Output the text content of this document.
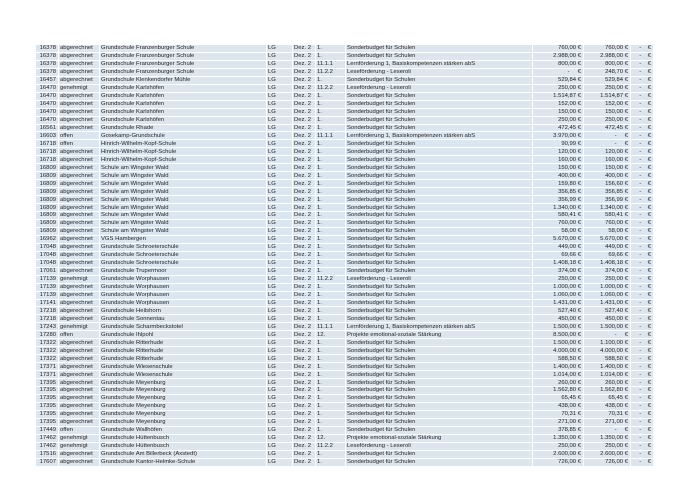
16378 abgerechnet	Grundschule Franzenburger Schule	LG	Dez. 2	1.	Sonderbudget für Schulen	760,00 €	760,00 €	-    €
16378 abgerechnet	Grundschule Franzenburger Schule	LG	Dez. 2	1.	Sonderbudget für Schulen	2.988,00 €	2.988,00 €	-    €
16378 abgerechnet	Grundschule Franzenburger Schule	LG	Dez. 2	11.1.1	Lernförderung 1, Basiskompetenzen stärken abS	800,00 €	800,00 €	-    €
16378 abgerechnet	Grundschule Franzenburger Schule	LG	Dez. 2	11.2.2	Leseförderung - Leseroli	-     €	248,70 €	-    €
16457 abgerechnet	Grundschule Klenkendorfer Mühle	LG	Dez. 2	1.	Sonderbudget für Schulen	529,84 €	529,84 €	-    €
16470 genehmigt	Grundschule Karlshöfen	LG	Dez. 2	11.2.2	Leseförderung - Leseroli	250,00 €	250,00 €	-    €
16470 abgerechnet	Grundschule Karlshöfen	LG	Dez. 2	1.	Sonderbudget für Schulen	1.514,87 €	1.514,87 €	-    €
16470 abgerechnet	Grundschule Karlshöfen	LG	Dez. 2	1.	Sonderbudget für Schulen	152,00 €	152,00 €	-    €
16470 abgerechnet	Grundschule Karlshöfen	LG	Dez. 2	1.	Sonderbudget für Schulen	150,00 €	150,00 €	-    €
16470 abgerechnet	Grundschule Karlshöfen	LG	Dez. 2	1.	Sonderbudget für Schulen	250,00 €	250,00 €	-    €
16561 abgerechnet	Grundschule Rhade	LG	Dez. 2	1.	Sonderbudget für Schulen	472,45 €	472,45 €	-    €
16603 offen	Gosekamp-Grundschule	LG	Dez. 2	11.1.1	Lernförderung 1, Basiskompetenzen stärken abS	3.970,00 €	-     €	-    €
16718 offen	Hinrich-Wilhelm-Kopf-Schule	LG	Dez. 2	1.	Sonderbudget für Schulen	90,99 €	-     €	-    €
16718 abgerechnet	Hinrich-Wilhelm-Kopf-Schule	LG	Dez. 2	1.	Sonderbudget für Schulen	120,00 €	120,00 €	-    €
16718 abgerechnet	Hinrich-Wilhelm-Kopf-Schule	LG	Dez. 2	1.	Sonderbudget für Schulen	160,00 €	160,00 €	-    €
16809 abgerechnet	Schule am Wingster Wald	LG	Dez. 2	1.	Sonderbudget für Schulen	150,00 €	150,00 €	-    €
16809 abgerechnet	Schule am Wingster Wald	LG	Dez. 2	1.	Sonderbudget für Schulen	400,00 €	400,00 €	-    €
16809 abgerechnet	Schule am Wingster Wald	LG	Dez. 2	1.	Sonderbudget für Schulen	159,80 €	156,60 €	-    €
16809 abgerechnet	Schule am Wingster Wald	LG	Dez. 2	1.	Sonderbudget für Schulen	356,85 €	356,85 €	-    €
16809 abgerechnet	Schule am Wingster Wald	LG	Dez. 2	1.	Sonderbudget für Schulen	356,99 €	356,99 €	-    €
16809 abgerechnet	Schule am Wingster Wald	LG	Dez. 2	1.	Sonderbudget für Schulen	1.340,00 €	1.340,00 €	-    €
16809 abgerechnet	Schule am Wingster Wald	LG	Dez. 2	1.	Sonderbudget für Schulen	580,41 €	580,41 €	-    €
16809 abgerechnet	Schule am Wingster Wald	LG	Dez. 2	1.	Sonderbudget für Schulen	760,00 €	760,00 €	-    €
16809 abgerechnet	Schule am Wingster Wald	LG	Dez. 2	1.	Sonderbudget für Schulen	58,00 €	58,00 €	-    €
16962 abgerechnet	VGS Hambergen	LG	Dez. 2	1.	Sonderbudget für Schulen	5.670,00 €	5.670,00 €	-    €
17048 abgerechnet	Grundschule Schroeterschule	LG	Dez. 2	1.	Sonderbudget für Schulen	449,00 €	449,00 €	-    €
17048 abgerechnet	Grundschule Schroeterschule	LG	Dez. 2	1.	Sonderbudget für Schulen	69,66 €	69,66 €	-    €
17048 abgerechnet	Grundschule Schroeterschule	LG	Dez. 2	1.	Sonderbudget für Schulen	1.408,18 €	1.408,18 €	-    €
17061 abgerechnet	Grundschule Trupermoor	LG	Dez. 2	1.	Sonderbudget für Schulen	374,00 €	374,00 €	-    €
17139 genehmigt	Grundschule Worphausen	LG	Dez. 2	11.2.2	Leseförderung - Leseroli	250,00 €	250,00 €	-    €
17139 abgerechnet	Grundschule Worphausen	LG	Dez. 2	1.	Sonderbudget für Schulen	1.000,00 €	1.000,00 €	-    €
17139 abgerechnet	Grundschule Worphausen	LG	Dez. 2	1.	Sonderbudget für Schulen	1.060,00 €	1.060,00 €	-    €
17141 abgerechnet	Grundschule Worphausen	LG	Dez. 2	1.	Sonderbudget für Schulen	1.431,00 €	1.431,00 €	-    €
17218 abgerechnet	Grundschule Heilshorn	LG	Dez. 2	1.	Sonderbudget für Schulen	527,40 €	527,40 €	-    €
17218 abgerechnet	Grundschule Sonnentau	LG	Dez. 2	1.	Sonderbudget für Schulen	450,00 €	450,00 €	-    €
17243 genehmigt	Grundschule Scharmbeckstotel	LG	Dez. 2	11.1.1	Lernförderung 1, Basiskompetenzen stärken abS	1.500,00 €	1.500,00 €	-    €
17280 offen	Grundschule Ihlpohl	LG	Dez. 2	12.	Projekte emotional-soziale Stärkung	8.500,00 €	-     €	-    €
17322 abgerechnet	Grundschule Ritterhude	LG	Dez. 2	1.	Sonderbudget für Schulen	1.500,00 €	1.100,00 €	-    €
17322 abgerechnet	Grundschule Ritterhude	LG	Dez. 2	1.	Sonderbudget für Schulen	4.000,00 €	4.000,00 €	-    €
17322 abgerechnet	Grundschule Ritterhude	LG	Dez. 2	1.	Sonderbudget für Schulen	588,50 €	588,50 €	-    €
17371 abgerechnet	Grundschule Wiesenschule	LG	Dez. 2	1.	Sonderbudget für Schulen	1.400,00 €	1.400,00 €	-    €
17371 abgerechnet	Grundschule Wiesenschule	LG	Dez. 2	1.	Sonderbudget für Schulen	1.014,00 €	1.014,00 €	-    €
17395 abgerechnet	Grundschule Meyenburg	LG	Dez. 2	1.	Sonderbudget für Schulen	260,00 €	260,00 €	-    €
17395 abgerechnet	Grundschule Meyenburg	LG	Dez. 2	1.	Sonderbudget für Schulen	1.562,80 €	1.562,80 €	-    €
17395 abgerechnet	Grundschule Meyenburg	LG	Dez. 2	1.	Sonderbudget für Schulen	65,45 €	65,45 €	-    €
17395 abgerechnet	Grundschule Meyenburg	LG	Dez. 2	1.	Sonderbudget für Schulen	438,00 €	438,00 €	-    €
17395 abgerechnet	Grundschule Meyenburg	LG	Dez. 2	1.	Sonderbudget für Schulen	70,31 €	70,31 €	-    €
17395 abgerechnet	Grundschule Meyenburg	LG	Dez. 2	1.	Sonderbudget für Schulen	271,00 €	271,00 €	-    €
17449 offen	Grundschule Wallhöfen	LG	Dez. 2	1.	Sonderbudget für Schulen	378,85 €	-     €	-    €
17462 genehmigt	Grundschule Hüttenbusch	LG	Dez. 2	12.	Projekte emotional-soziale Stärkung	1.350,00 €	1.350,00 €	-    €
17462 genehmigt	Grundschule Hüttenbusch	LG	Dez. 2	11.2.2	Leseförderung - Leseroli	250,00 €	250,00 €	-    €
17516 abgerechnet	Grundschule Am Billerbeck (Axstedt)	LG	Dez. 2	1.	Sonderbudget für Schulen	2.600,00 €	2.600,00 €	-    €
17607 abgerechnet	Grundschule Kantor-Helmke-Schule	LG	Dez. 2	1.	Sonderbudget für Schulen	726,00 €	726,00 €	-    €
